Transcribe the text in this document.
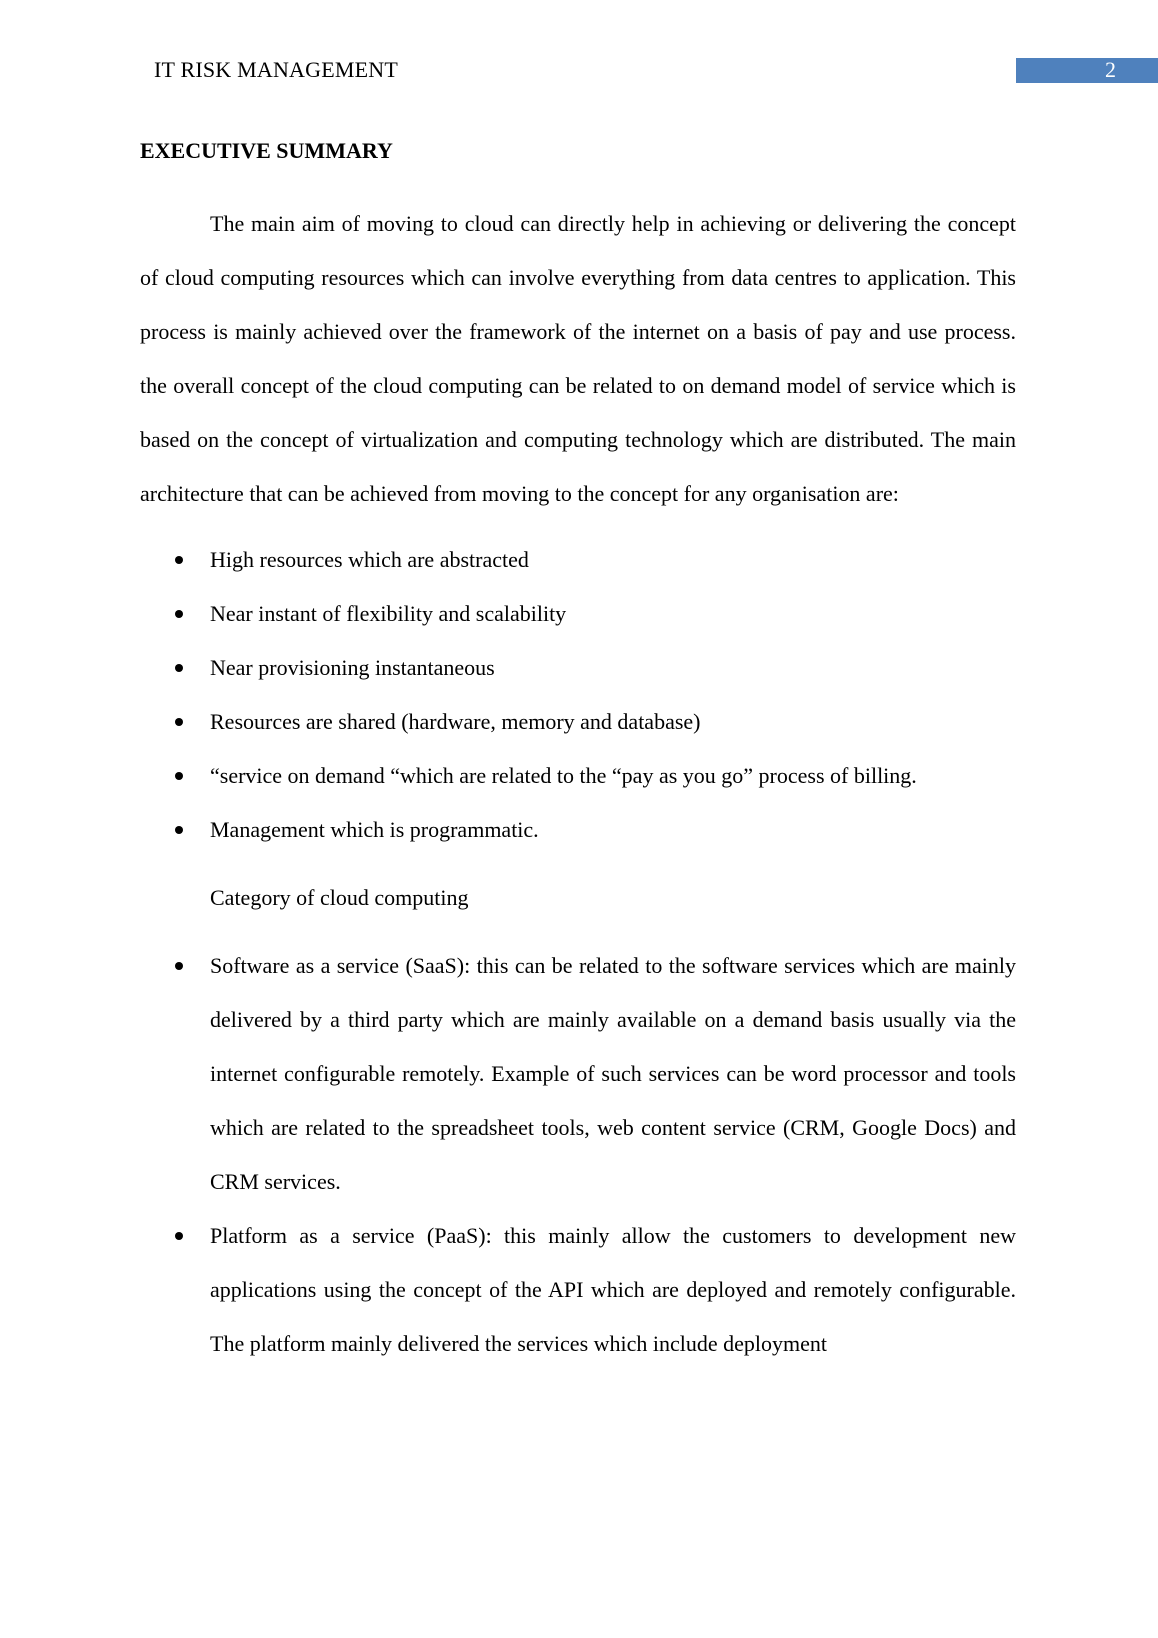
IT RISK MANAGEMENT	2
EXECUTIVE SUMMARY

The main aim of moving to cloud can directly help in achieving or delivering the concept of cloud computing resources which can involve everything from data centres to application. This process is mainly achieved over the framework of the internet on a basis of pay and use process. the overall concept of the cloud computing can be related to on demand model of service which is based on the concept of virtualization and computing technology which are distributed. The main architecture that can be achieved from moving to the concept for any organisation are:

High resources which are abstracted
Near instant of flexibility and scalability
Near provisioning instantaneous
Resources are shared (hardware, memory and database)
“service on demand “which are related to the “pay as you go” process of billing.
Management which is programmatic.
Category of cloud computing
Software as a service (SaaS): this can be related to the software services which are mainly delivered by a third party which are mainly available on a demand basis usually via the internet configurable remotely. Example of such services can be word processor and tools which are related to the spreadsheet tools, web content service (CRM, Google Docs) and CRM services.
Platform as a service (PaaS): this mainly allow the customers to development new applications using the concept of the API which are deployed and remotely configurable. The platform mainly delivered the services which include deployment
